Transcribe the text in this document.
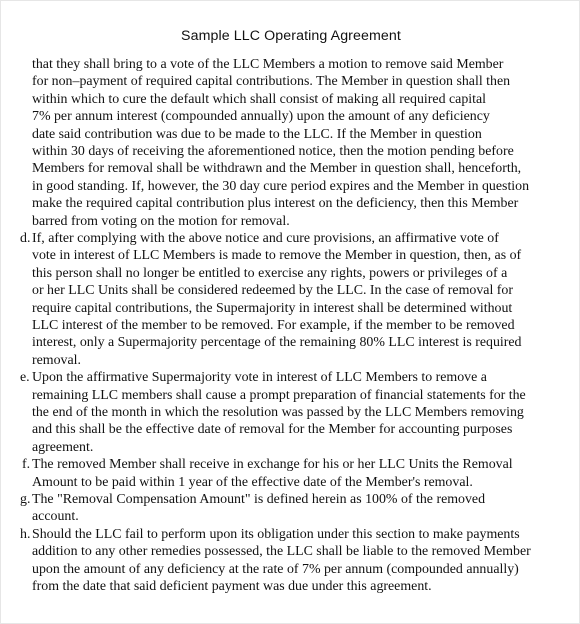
Sample LLC Operating Agreement
that they shall bring to a vote of the LLC Members a motion to remove said Member
for non–payment of required capital contributions. The Member in question shall then
within which to cure the default which shall consist of making all required capital
7% per annum interest (compounded annually) upon the amount of any deficiency
date said contribution was due to be made to the LLC. If the Member in question
within 30 days of receiving the aforementioned notice, then the motion pending before
Members for removal shall be withdrawn and the Member in question shall, henceforth,
in good standing. If, however, the 30 day cure period expires and the Member in question
make the required capital contribution plus interest on the deficiency, then this Member
barred from voting on the motion for removal.
d. If, after complying with the above notice and cure provisions, an affirmative vote of
vote in interest of LLC Members is made to remove the Member in question, then, as of
this person shall no longer be entitled to exercise any rights, powers or privileges of a
or her LLC Units shall be considered redeemed by the LLC. In the case of removal for
require capital contributions, the Supermajority in interest shall be determined without
LLC interest of the member to be removed. For example, if the member to be removed
interest, only a Supermajority percentage of the remaining 80% LLC interest is required
removal.
e. Upon the affirmative Supermajority vote in interest of LLC Members to remove a
remaining LLC members shall cause a prompt preparation of financial statements for the
the end of the month in which the resolution was passed by the LLC Members removing
and this shall be the effective date of removal for the Member for accounting purposes
agreement.
f. The removed Member shall receive in exchange for his or her LLC Units the Removal
Amount to be paid within 1 year of the effective date of the Member's removal.
g. The "Removal Compensation Amount" is defined herein as 100% of the removed
account.
h. Should the LLC fail to perform upon its obligation under this section to make payments
addition to any other remedies possessed, the LLC shall be liable to the removed Member
upon the amount of any deficiency at the rate of 7% per annum (compounded annually)
from the date that said deficient payment was due under this agreement.
